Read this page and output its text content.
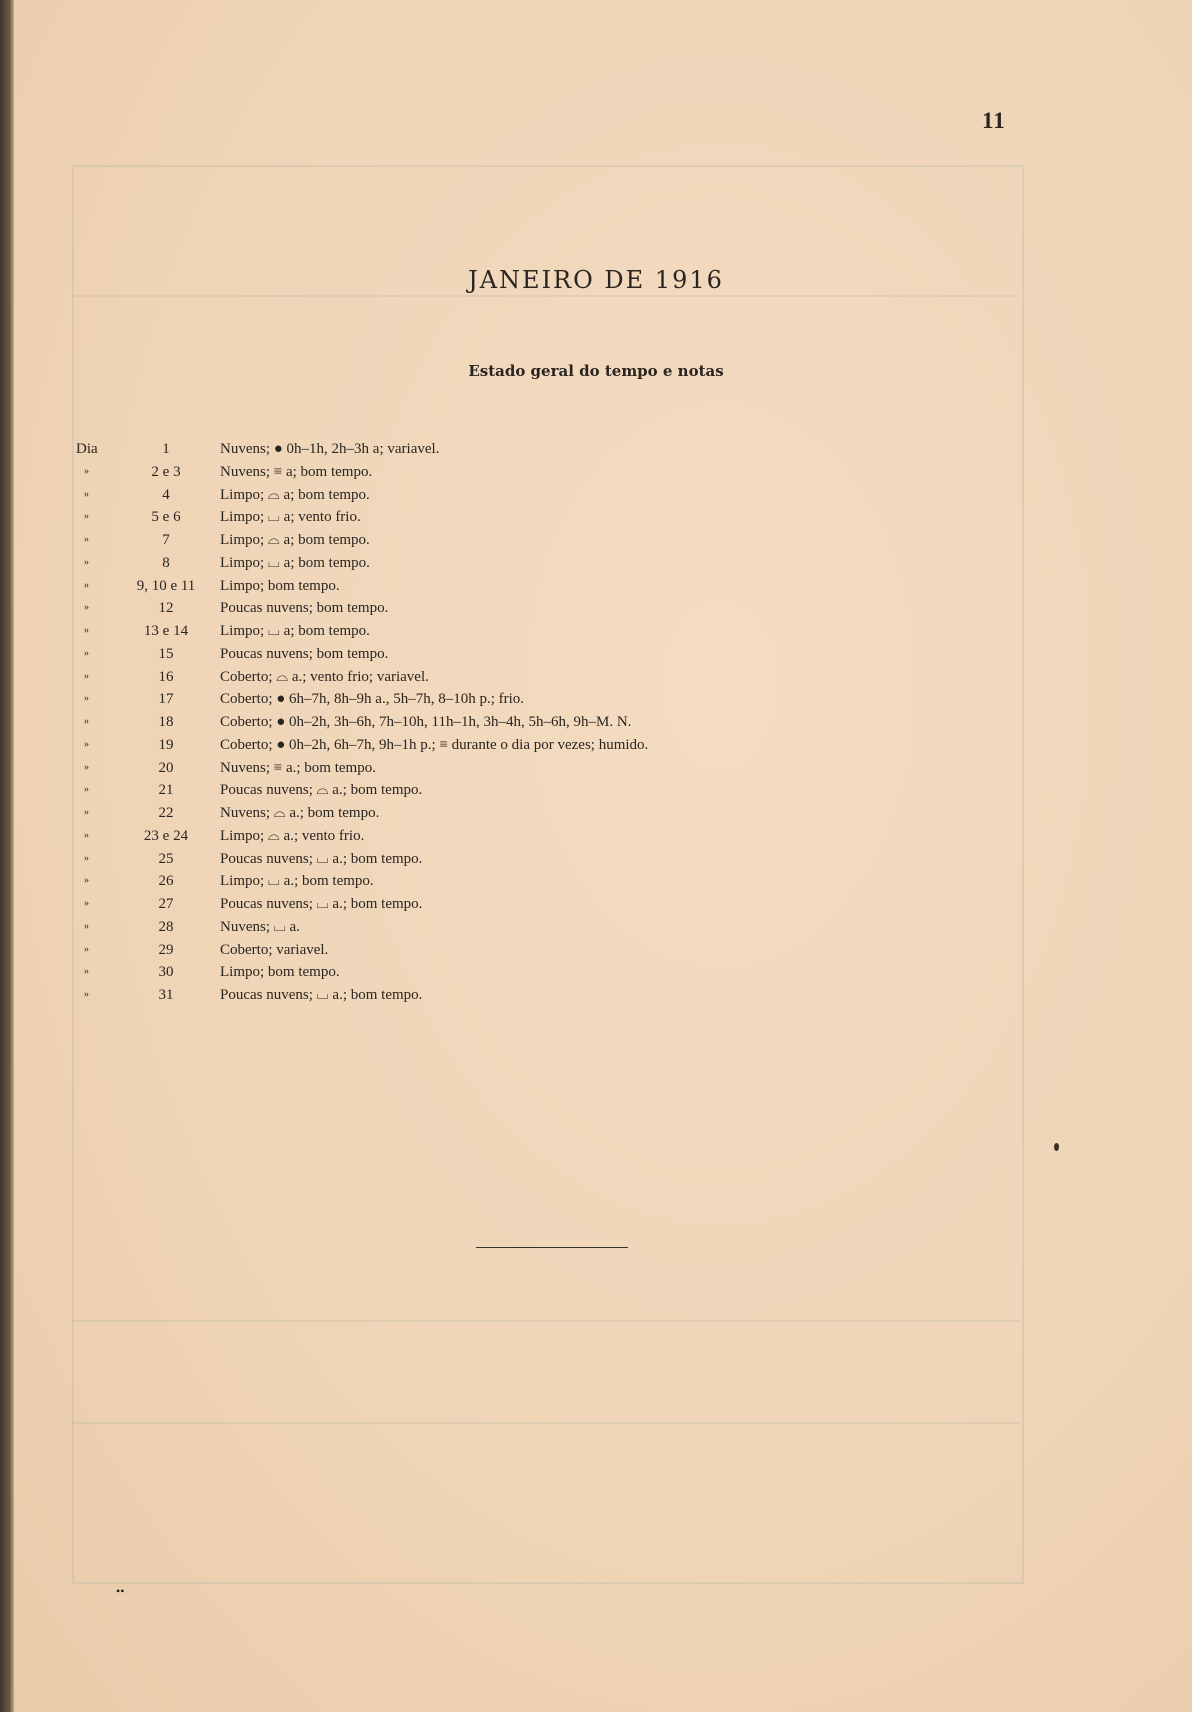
11
JANEIRO DE 1916
Estado geral do tempo e notas
Dia	1	Nuvens; ● 0h–1h, 2h–3h a; variavel.
»	2 e 3	Nuvens; ≡ a; bom tempo.
»	4	Limpo; ⌓ a; bom tempo.
»	5 e 6	Limpo; ⌴ a; vento frio.
»	7	Limpo; ⌓ a; bom tempo.
»	8	Limpo; ⌴ a; bom tempo.
»	9, 10 e 11	Limpo; bom tempo.
»	12	Poucas nuvens; bom tempo.
»	13 e 14	Limpo; ⌴ a; bom tempo.
»	15	Poucas nuvens; bom tempo.
»	16	Coberto; ⌓ a.; vento frio; variavel.
»	17	Coberto; ● 6h–7h, 8h–9h a., 5h–7h, 8–10h p.; frio.
»	18	Coberto; ● 0h–2h, 3h–6h, 7h–10h, 11h–1h, 3h–4h, 5h–6h, 9h–M. N.
»	19	Coberto; ● 0h–2h, 6h–7h, 9h–1h p.; ≡ durante o dia por vezes; humido.
»	20	Nuvens; ≡ a.; bom tempo.
»	21	Poucas nuvens; ⌓ a.; bom tempo.
»	22	Nuvens; ⌓ a.; bom tempo.
»	23 e 24	Limpo; ⌓ a.; vento frio.
»	25	Poucas nuvens; ⌴ a.; bom tempo.
»	26	Limpo; ⌴ a.; bom tempo.
»	27	Poucas nuvens; ⌴ a.; bom tempo.
»	28	Nuvens; ⌴ a.
»	29	Coberto; variavel.
»	30	Limpo; bom tempo.
»	31	Poucas nuvens; ⌴ a.; bom tempo.
••
